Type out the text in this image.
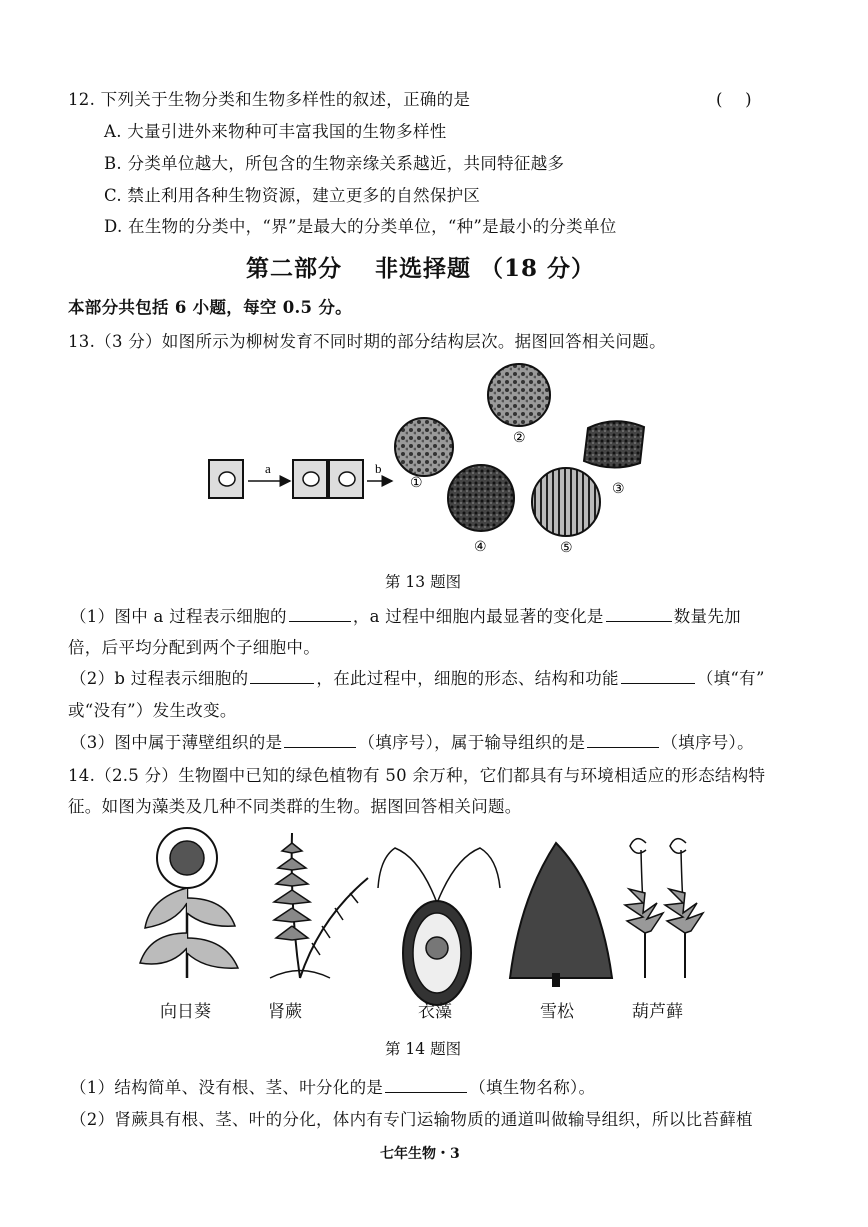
12. 下列关于生物分类和生物多样性的叙述，正确的是	(　 )
A. 大量引进外来物种可丰富我国的生物多样性
B. 分类单位越大，所包含的生物亲缘关系越近，共同特征越多
C. 禁止利用各种生物资源，建立更多的自然保护区
D. 在生物的分类中，“界”是最大的分类单位，“种”是最小的分类单位
第二部分　 非选择题 （18 分）
本部分共包括 6 小题，每空 0.5 分。
13.（3 分）如图所示为柳树发育不同时期的部分结构层次。据图回答相关问题。
a	b
①
②
③
④	⑤
第 13 题图
（1）图中 a 过程表示细胞的	，a 过程中细胞内最显著的变化是	数量先加
倍，后平均分配到两个子细胞中。
（2）b 过程表示细胞的	，在此过程中，细胞的形态、结构和功能	（填“有”
或“没有”）发生改变。
（3）图中属于薄壁组织的是	（填序号），属于输导组织的是	（填序号）。
14.（2.5 分）生物圈中已知的绿色植物有 50 余万种，它们都具有与环境相适应的形态结构特
征。如图为藻类及几种不同类群的生物。据图回答相关问题。
向日葵	肾蕨	衣藻	雪松	葫芦藓
第 14 题图
（1）结构简单、没有根、茎、叶分化的是	（填生物名称）。
（2）肾蕨具有根、茎、叶的分化，体内有专门运输物质的通道叫做输导组织，所以比苔藓植
七年生物・3
